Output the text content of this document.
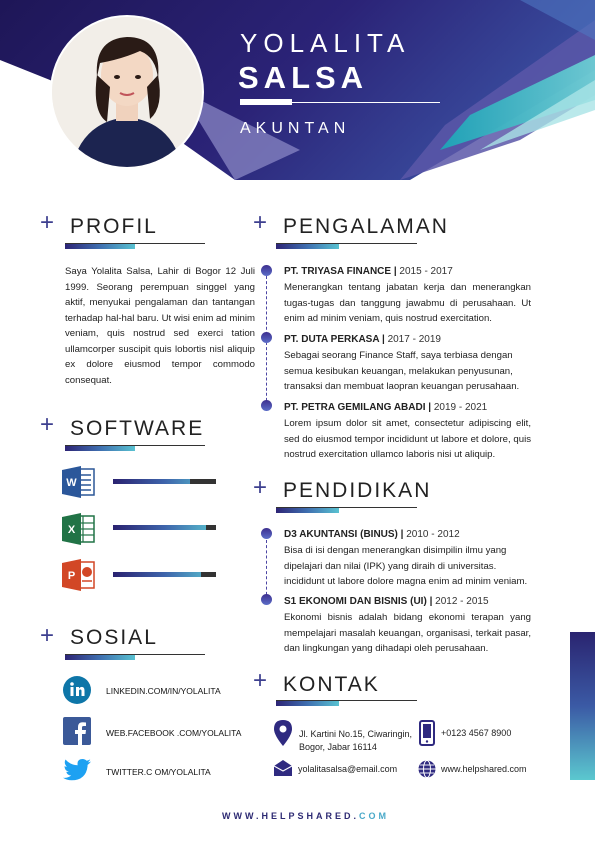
YOLALITA
SALSA
AKUNTAN
+ PROFIL
Saya Yolalita Salsa, Lahir di Bogor 12 Juli 1999. Seorang perempuan singgel yang aktif, menyukai pengalaman dan tantangan terhadap hal-hal baru. Ut wisi enim ad minim veniam, quis nostrud sed exerci tation ullamcorper suscipit quis lobortis nisl aliquip ex dolore eiusmod tempor commodo consequat.
+ SOFTWARE
W
X
P
+ SOSIAL
LINKEDIN.COM/IN/YOLALITA
WEB.FACEBOOK .COM/YOLALITA
TWITTER.C OM/YOLALITA
+ PENGALAMAN
PT. TRIYASA FINANCE | 2015 - 2017
Menerangkan tentang jabatan kerja dan menerangkan tugas-tugas dan tanggung jawabmu di perusahaan. Ut enim ad minim veniam, quis nostrud exercitation.
PT. DUTA PERKASA | 2017 - 2019
Sebagai seorang Finance Staff, saya terbiasa dengan semua kesibukan keuangan, melakukan penyusunan, transaksi dan membuat laopran keuangan perusahaan.
PT. PETRA GEMILANG ABADI | 2019 - 2021
Lorem ipsum dolor sit amet, consectetur adipiscing elit, sed do eiusmod tempor incididunt ut labore et dolore, quis nostrud exercitation ullamco laboris nisi ut aliquip.
+ PENDIDIKAN
D3 AKUNTANSI (BINUS) | 2010 - 2012
Bisa di isi dengan menerangkan disimpilin ilmu yang dipelajari dan nilai (IPK) yang diraih di universitas. incididunt ut labore dolore magna enim ad minim veniam.
S1 EKONOMI DAN BISNIS (UI) | 2012 - 2015
Ekonomi bisnis adalah bidang ekonomi terapan yang mempelajari masalah keuangan, organisasi, terkait pasar, dan lingkungan yang dihadapi oleh perusahaan.
+ KONTAK
Jl. Kartini No.15, Ciwaringin,
Bogor, Jabar 16114
+0123 4567 8900
yolalitasalsa@email.com	www.helpshared.com
WWW.HELPSHARED.COM
